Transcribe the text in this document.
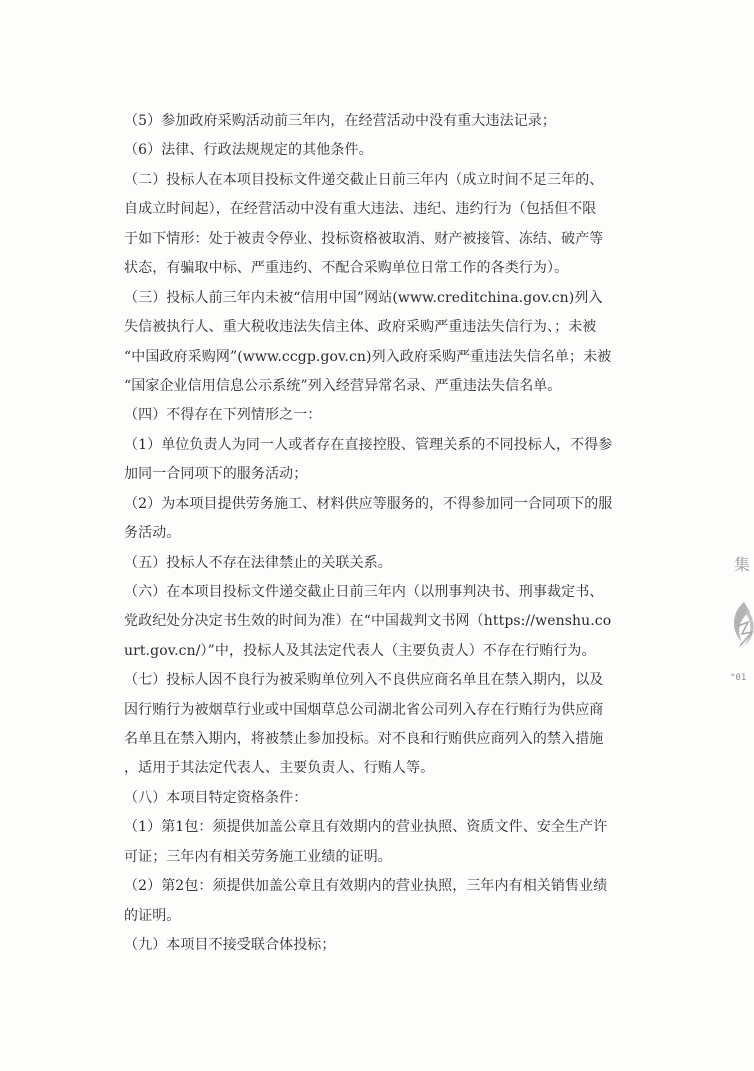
（5）参加政府采购活动前三年内，在经营活动中没有重大违法记录；
（6）法律、行政法规规定的其他条件。
（二）投标人在本项目投标文件递交截止日前三年内（成立时间不足三年的、
自成立时间起），在经营活动中没有重大违法、违纪、违约行为（包括但不限
于如下情形：处于被责令停业、投标资格被取消、财产被接管、冻结、破产等
状态，有骗取中标、严重违约、不配合采购单位日常工作的各类行为）。
（三）投标人前三年内未被“信用中国”网站(www.creditchina.gov.cn)列入
失信被执行人、重大税收违法失信主体、政府采购严重违法失信行为、；未被
“中国政府采购网”(www.ccgp.gov.cn)列入政府采购严重违法失信名单；未被
“国家企业信用信息公示系统”列入经营异常名录、严重违法失信名单。
（四）不得存在下列情形之一：
（1）单位负责人为同一人或者存在直接控股、管理关系的不同投标人，不得参
加同一合同项下的服务活动；
（2）为本项目提供劳务施工、材料供应等服务的，不得参加同一合同项下的服
务活动。
（五）投标人不存在法律禁止的关联关系。
（六）在本项目投标文件递交截止日前三年内（以刑事判决书、刑事裁定书、
党政纪处分决定书生效的时间为准）在“中国裁判文书网（https://wenshu.co
urt.gov.cn/）”中，投标人及其法定代表人（主要负责人）不存在行贿行为。
（七）投标人因不良行为被采购单位列入不良供应商名单且在禁入期内，以及
因行贿行为被烟草行业或中国烟草总公司湖北省公司列入存在行贿行为供应商
名单且在禁入期内，将被禁止参加投标。对不良和行贿供应商列入的禁入措施
，适用于其法定代表人、主要负责人、行贿人等。
（八）本项目特定资格条件：
（1）第1包：须提供加盖公章且有效期内的营业执照、资质文件、安全生产许
可证；三年内有相关劳务施工业绩的证明。
（2）第2包：须提供加盖公章且有效期内的营业执照，三年内有相关销售业绩
的证明。
（九）本项目不接受联合体投标；
集
°01
